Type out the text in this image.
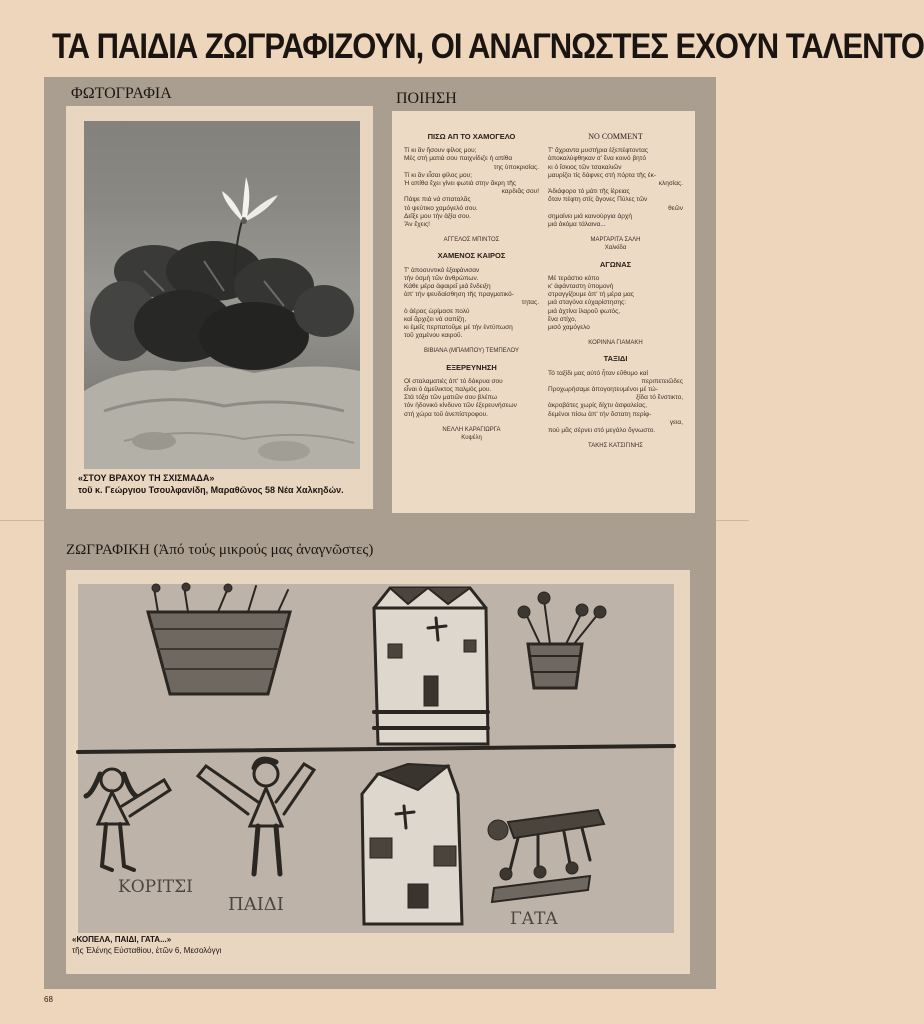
ΤΑ ΠΑΙΔΙΑ ΖΩΓΡΑΦΙΖΟΥΝ, ΟΙ ΑΝΑΓΝΩΣΤΕΣ ΕΧΟΥΝ ΤΑΛΕΝΤΟ
ΦΩΤΟΓΡΑΦΙΑ
«ΣΤΟΥ ΒΡΑΧΟΥ ΤΗ ΣΧΙΣΜΑΔΑ»
τοῦ κ. Γεώργιου Τσουλφανίδη, Μαραθῶνος 58 Νέα Χαλκηδών.
ΠΟΙΗΣΗ
ΠΙΣΩ ΑΠ ΤΟ ΧΑΜΟΓΕΛΟ
Τί κι ἂν ἤσουν φίλος μου;
Μές στή ματιά σου παιχνίδιζε ἡ απίθα
της ὑποκρισίας.
Τί κι ἂν εἶσαι φίλος μου;
Ἡ απίθα ἔχει γίνει φωτιά στην ἄκρη τῆς
καρδιᾶς σου!
Πάψε πιά νά σπαταλᾶς
τό ψεύτικο χαμόγελό σου.
Δεῖξε μου τήν ἀξία σου.
Ἂν ἔχεις!
ΑΓΓΕΛΟΣ ΜΠΙΝΤΟΣ
ΧΑΜΕΝΟΣ ΚΑΙΡΟΣ
Τ' ἀποσυντικό ἐξαφάνισαν
τήν ὀσμή τῶν ἀνθρώπων.
Κάθε μέρα ἀφαιρεῖ μιά ἔνδειξη
ἀπ' τήν ψευδαίσθηση τῆς πραγματικό-
τητας.
ὁ ἀέρας ὡρίμασε πολύ
καί ἄρχιζει νά σαπίζη,
κι ἐμεῖς περπατοῦμε μέ τήν ἐντύπωση
τοῦ χαμένου καιροῦ.
ΒΙΒΙΑΝΑ (ΜΠΑΜΠΟΥ) ΤΕΜΠΕΛΟΥ
ΕΞΕΡΕΥΝΗΣΗ
Οἱ σταλαματιές ἀπ' τό δάκρυα σου
εἶναι ὁ ἀμείλικτος παλμός μου.
Στά τόξα τῶν ματιῶν σου βλέπω
τόν ἡδονικό κίνδυνο τῶν ἐξερευνήσεων
στή χώρα τοῦ ἀνεπίστροφου.
ΝΕΛΛΗ ΚΑΡΑΓΙΩΡΓΑ
Κυψέλη
NO COMMENT
Τ' ἄχραντα μυστήρια ἐξεπέφτοντας
ἀποκαλύφθηκαν σ' ἕνα κοινό βητό
κι ὁ ἴσκιος τῶν τσακαλιῶν
μαυρίζει τίς δάφνες στή πόρτα τῆς ἐκ-
κλησίας.
Ἀδιάφορο τό μάτι τῆς ἱέρειας
ὅταν πέφτη στίς ἄγονες Πύλες τῶν
θεῶν
σημαίνει μιά καινούργια ἀρχή
μιά ἀκόμα τάλαινα...
ΜΑΡΓΑΡΙΤΑ ΣΑΛΗ
Χαλκίδα
ΑΓΩΝΑΣ
Μέ τεράστιο κόπο
κ' ἀφάνταστη ὑπομονή
στραγγίζουμε ἀπ' τή μέρα μας
μιά σταγόνα εὐχαρίστησης:
μιά ἀχτίνα ἰλαροῦ φωτός,
ἕνα στίχο,
μισό χαμόγελο
ΚΟΡΙΝΝΑ ΓΙΑΜΑΚΗ
ΤΑΞΙΔΙ
Τό ταξίδι μας αὐτό ἦταν εὔθυμο καί
περιπετειῶδες
Προχωρήσαμε ἀπογοητευμένοι μέ τώ-
ξίδα τό ἔνστικτο,
ἀκροβάτες χωρίς δίχτυ ἀσφαλείας,
δεμένοι πίσω ἀπ' τήν ὄστατη περίφ-
γεια,
πού μᾶς σέρνει στό μεγάλο ὄγνωστο.
ΤΑΚΗΣ ΚΑΤΣΙΓΙΝΗΣ
ΖΩΓΡΑΦΙΚΗ (Ἀπό τούς μικρούς μας ἀναγνῶστες)
ΚΟΡΙΤΣΙ
ΠΑΙΔΙ
ΓΑΤΑ
«ΚΟΠΕΛΑ, ΠΑΙΔΙ, ΓΑΤΑ...»
τῆς Ἐλένης Εὐσταθίου, ἐτῶν 6, Μεσολόγγι
68
